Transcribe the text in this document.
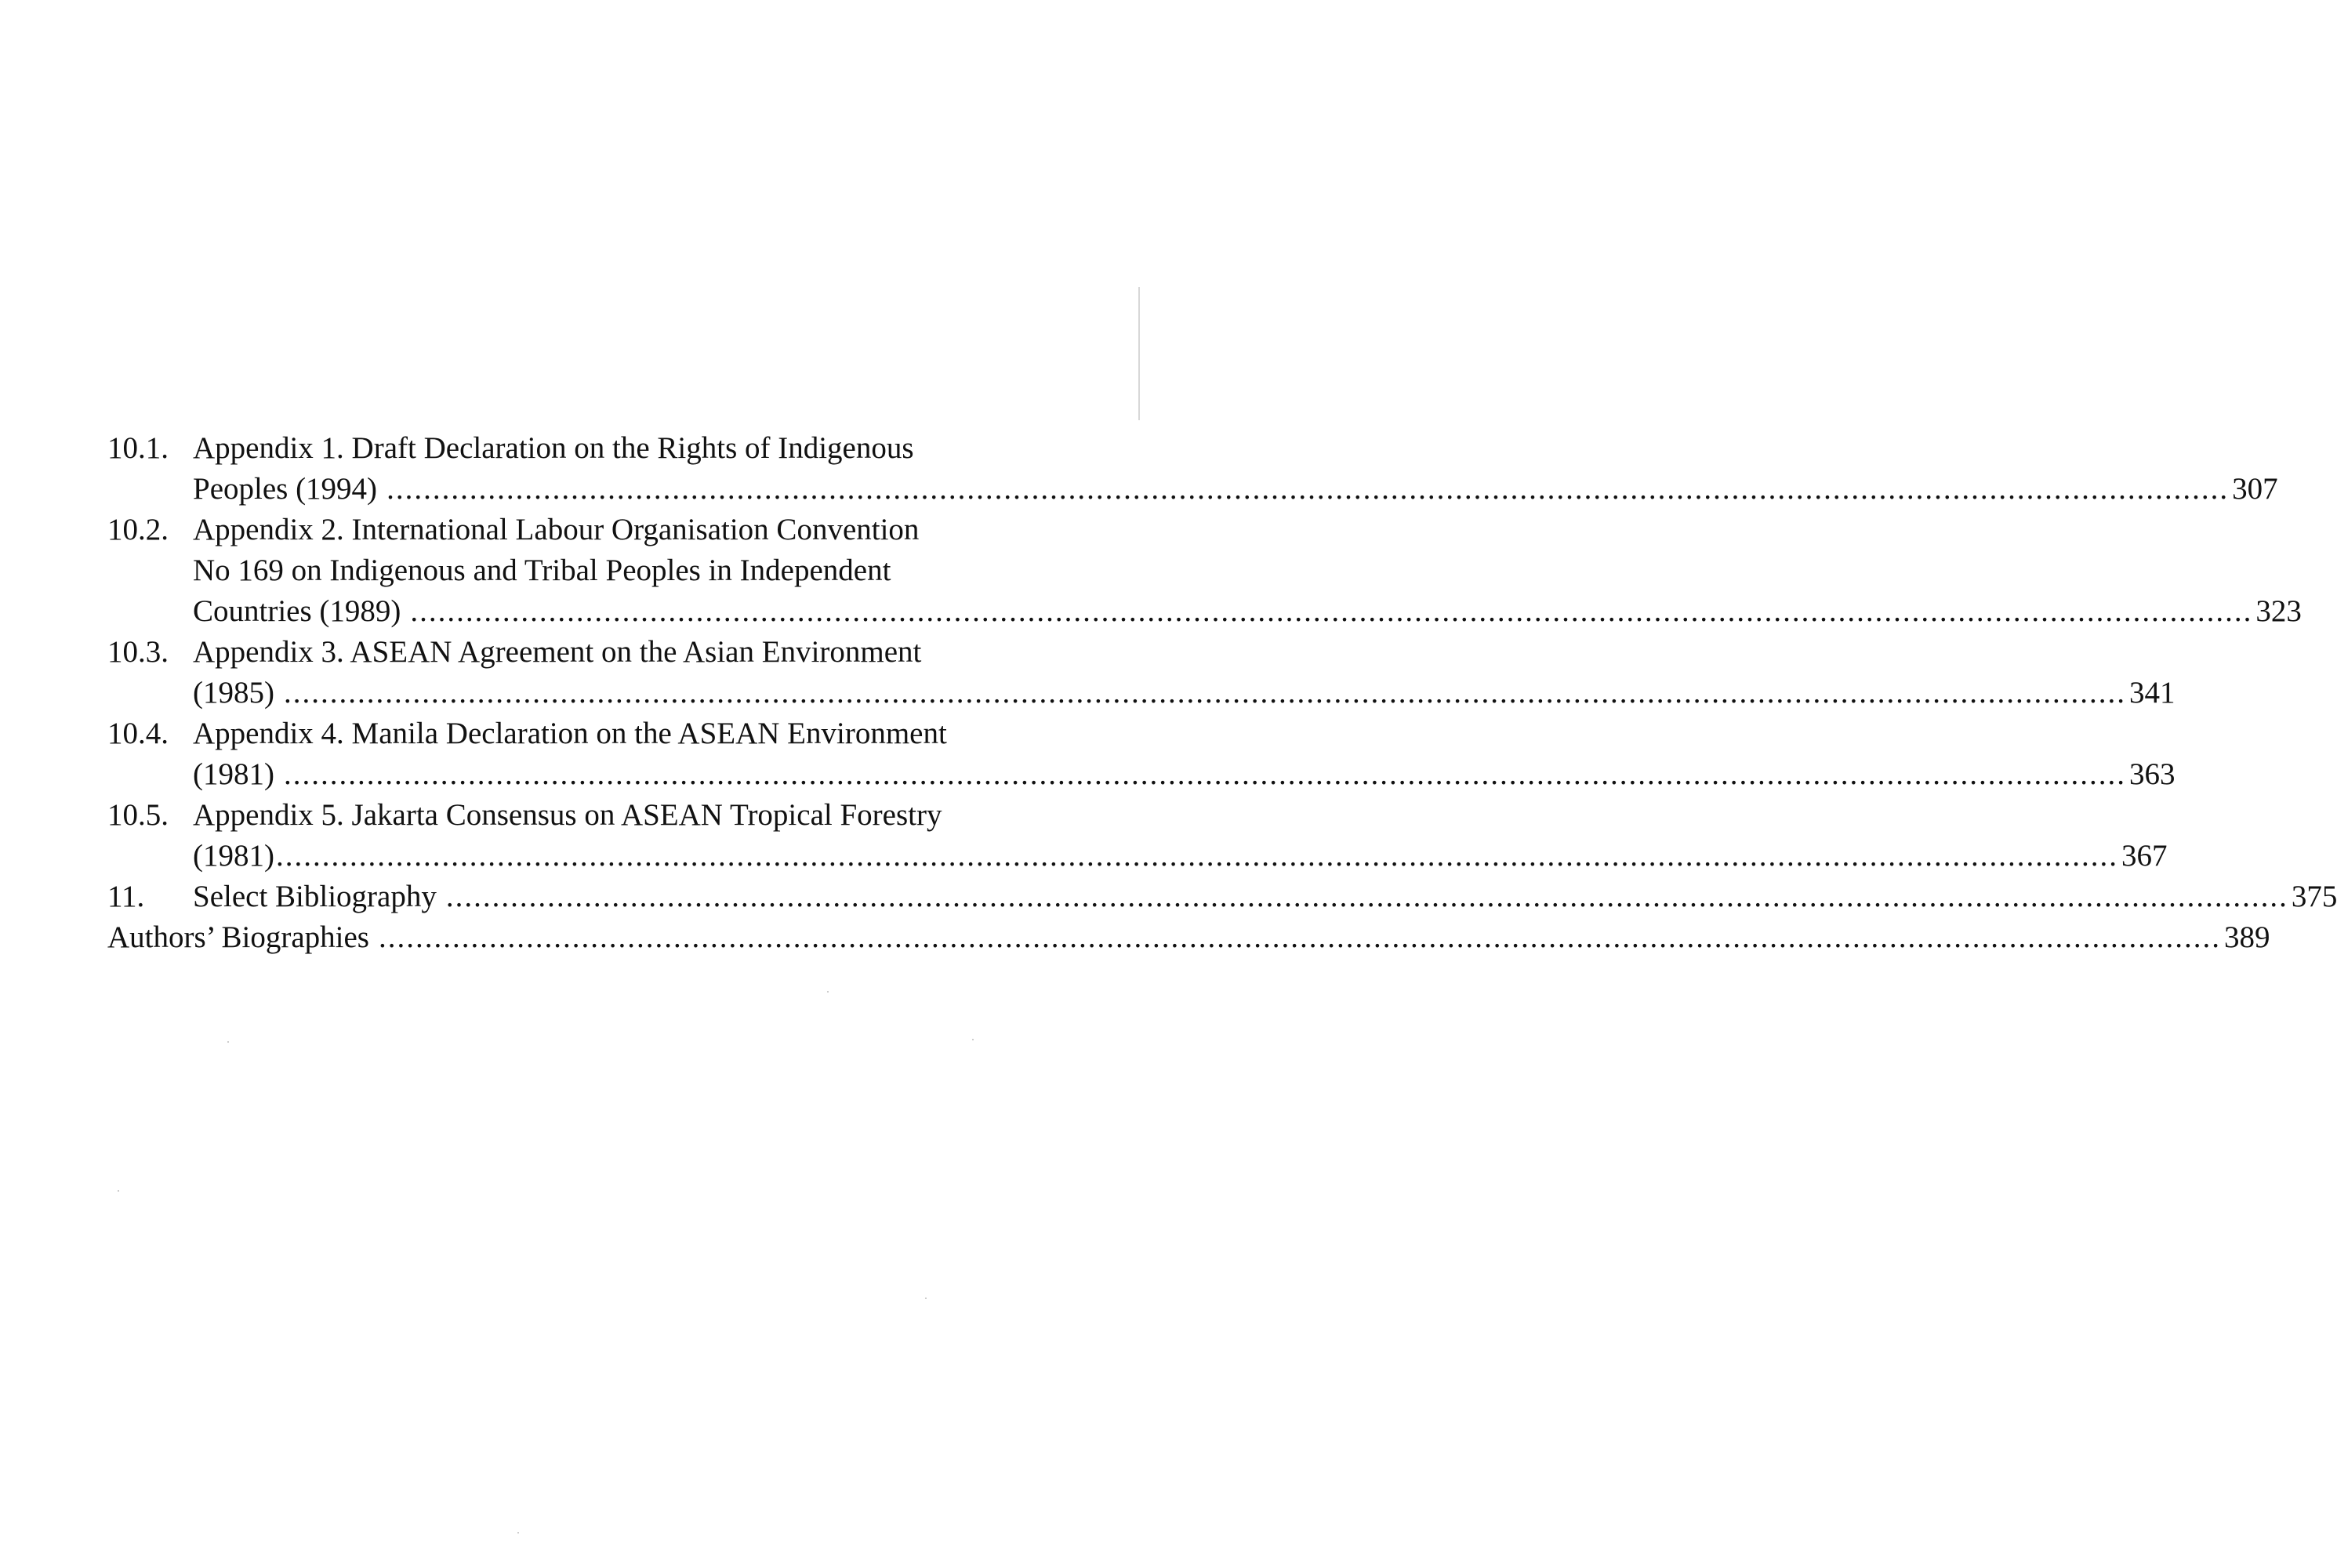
10.1. Appendix 1. Draft Declaration on the Rights of Indigenous
Peoples (1994) ........................................................................................................................................................................................................ 307
10.2. Appendix 2. International Labour Organisation Convention
No 169 on Indigenous and Tribal Peoples in Independent
Countries (1989) ........................................................................................................................................................................................................ 323
10.3. Appendix 3. ASEAN Agreement on the Asian Environment
(1985) ........................................................................................................................................................................................................ 341
10.4. Appendix 4. Manila Declaration on the ASEAN Environment
(1981) ........................................................................................................................................................................................................ 363
10.5. Appendix 5. Jakarta Consensus on ASEAN Tropical Forestry
(1981) ........................................................................................................................................................................................................ 367
11.	Select Bibliography ........................................................................................................................................................................................................ 375
Authors’ Biographies ........................................................................................................................................................................................................ 389
